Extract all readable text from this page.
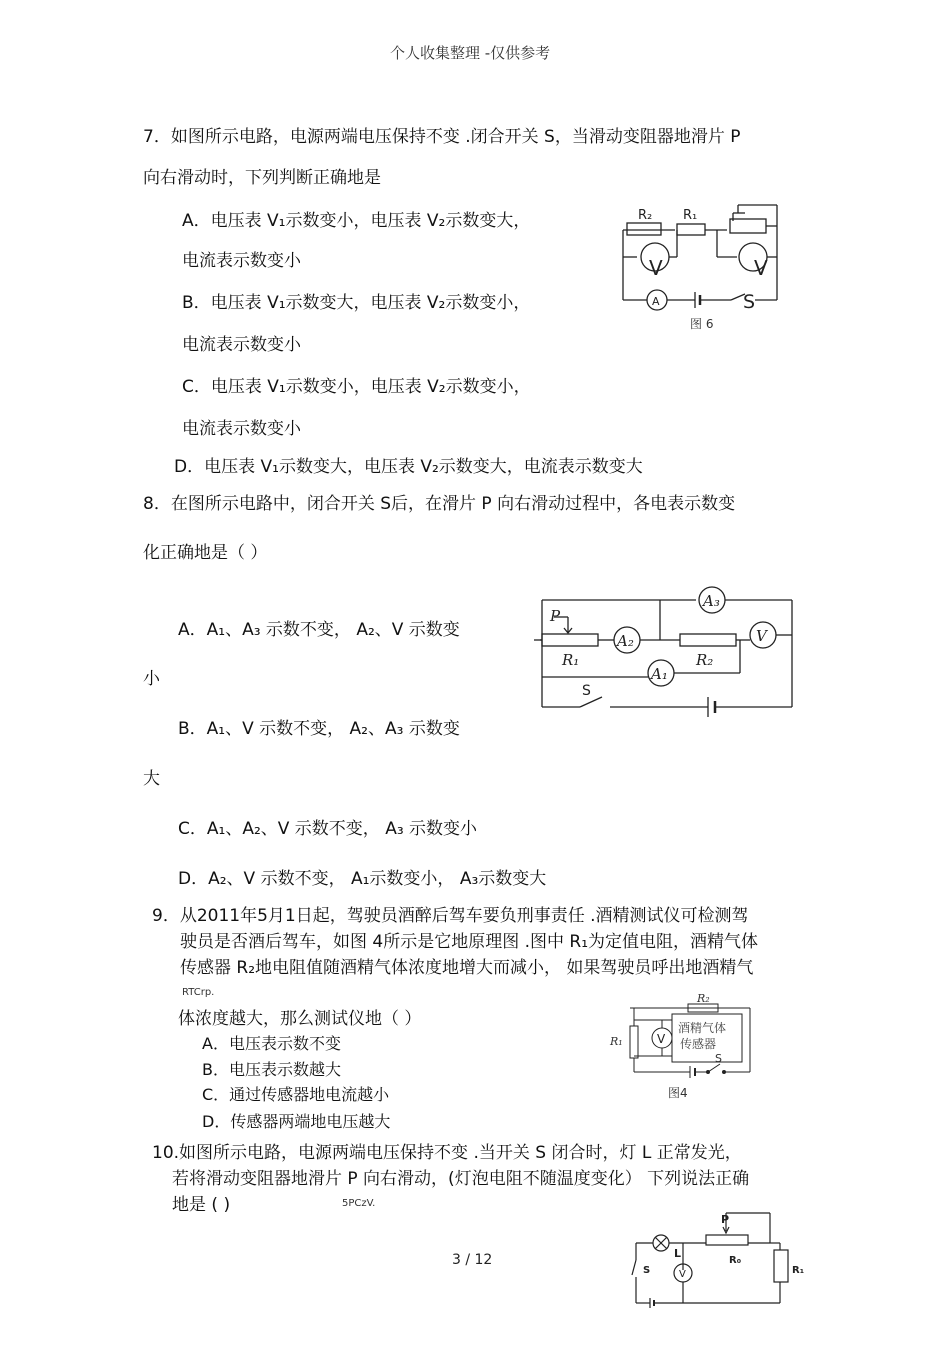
个人收集整理 -仅供参考
7．如图所示电路，电源两端电压保持不变 .闭合开关 S，当滑动变阻器地滑片 P
向右滑动时，下列判断正确地是
A．电压表 V₁示数变小，电压表 V₂示数变大，
电流表示数变小
B．电压表 V₁示数变大，电压表 V₂示数变小，
电流表示数变小
C．电压表 V₁示数变小，电压表 V₂示数变小，
电流表示数变小
D．电压表 V₁示数变大，电压表 V₂示数变大，电流表示数变大
R₂ R₁
V	V
A	S
图 6
8．在图所示电路中，闭合开关 S后，在滑片 P 向右滑动过程中，各电表示数变
化正确地是（ ）
A．A₁、A₃ 示数不变， A₂、V 示数变
小
B．A₁、V 示数不变， A₂、A₃ 示数变
大
C．A₁、A₂、V 示数不变， A₃ 示数变小
D．A₂、V 示数不变， A₁示数变小， A₃示数变大
P
R₁	R₂
A₃
A₂
A₁
V
S
9．从2011年5月1日起，驾驶员酒醉后驾车要负刑事责任 .酒精测试仪可检测驾
驶员是否酒后驾车，如图 4所示是它地原理图 .图中 R₁为定值电阻，酒精气体
传感器 R₂地电阻值随酒精气体浓度地增大而减小， 如果驾驶员呼出地酒精气
RTCrp.
体浓度越大，那么测试仪地（ ）
A．电压表示数不变
B．电压表示数越大
C．通过传感器地电流越小
D．传感器两端地电压越大
R₂
R₁	V
酒精气体
传感器
S
图4
10.如图所示电路，电源两端电压保持不变 .当开关 S 闭合时，灯 L 正常发光，
若将滑动变阻器地滑片 P 向右滑动，(灯泡电阻不随温度变化） 下列说法正确
地是 ( )	5PCzV.
P
L
S	V
R₀
R₁
3 / 12
